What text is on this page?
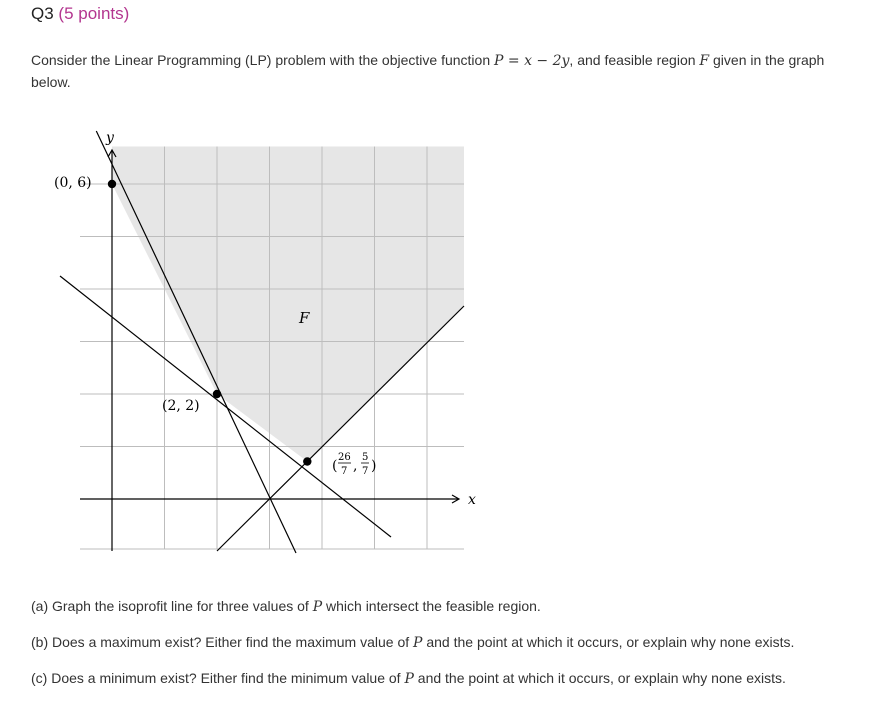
Q3 (5 points)
Consider the Linear Programming (LP) problem with the objective function P = x − 2y, and feasible region F given in the graph below.
x
y
(0, 6)
(2, 2)
(
26
7 ,
5
7 )
F
(a) Graph the isoprofit line for three values of P which intersect the feasible region.
(b) Does a maximum exist? Either find the maximum value of P and the point at which it occurs, or explain why none exists.
(c) Does a minimum exist? Either find the minimum value of P and the point at which it occurs, or explain why none exists.
